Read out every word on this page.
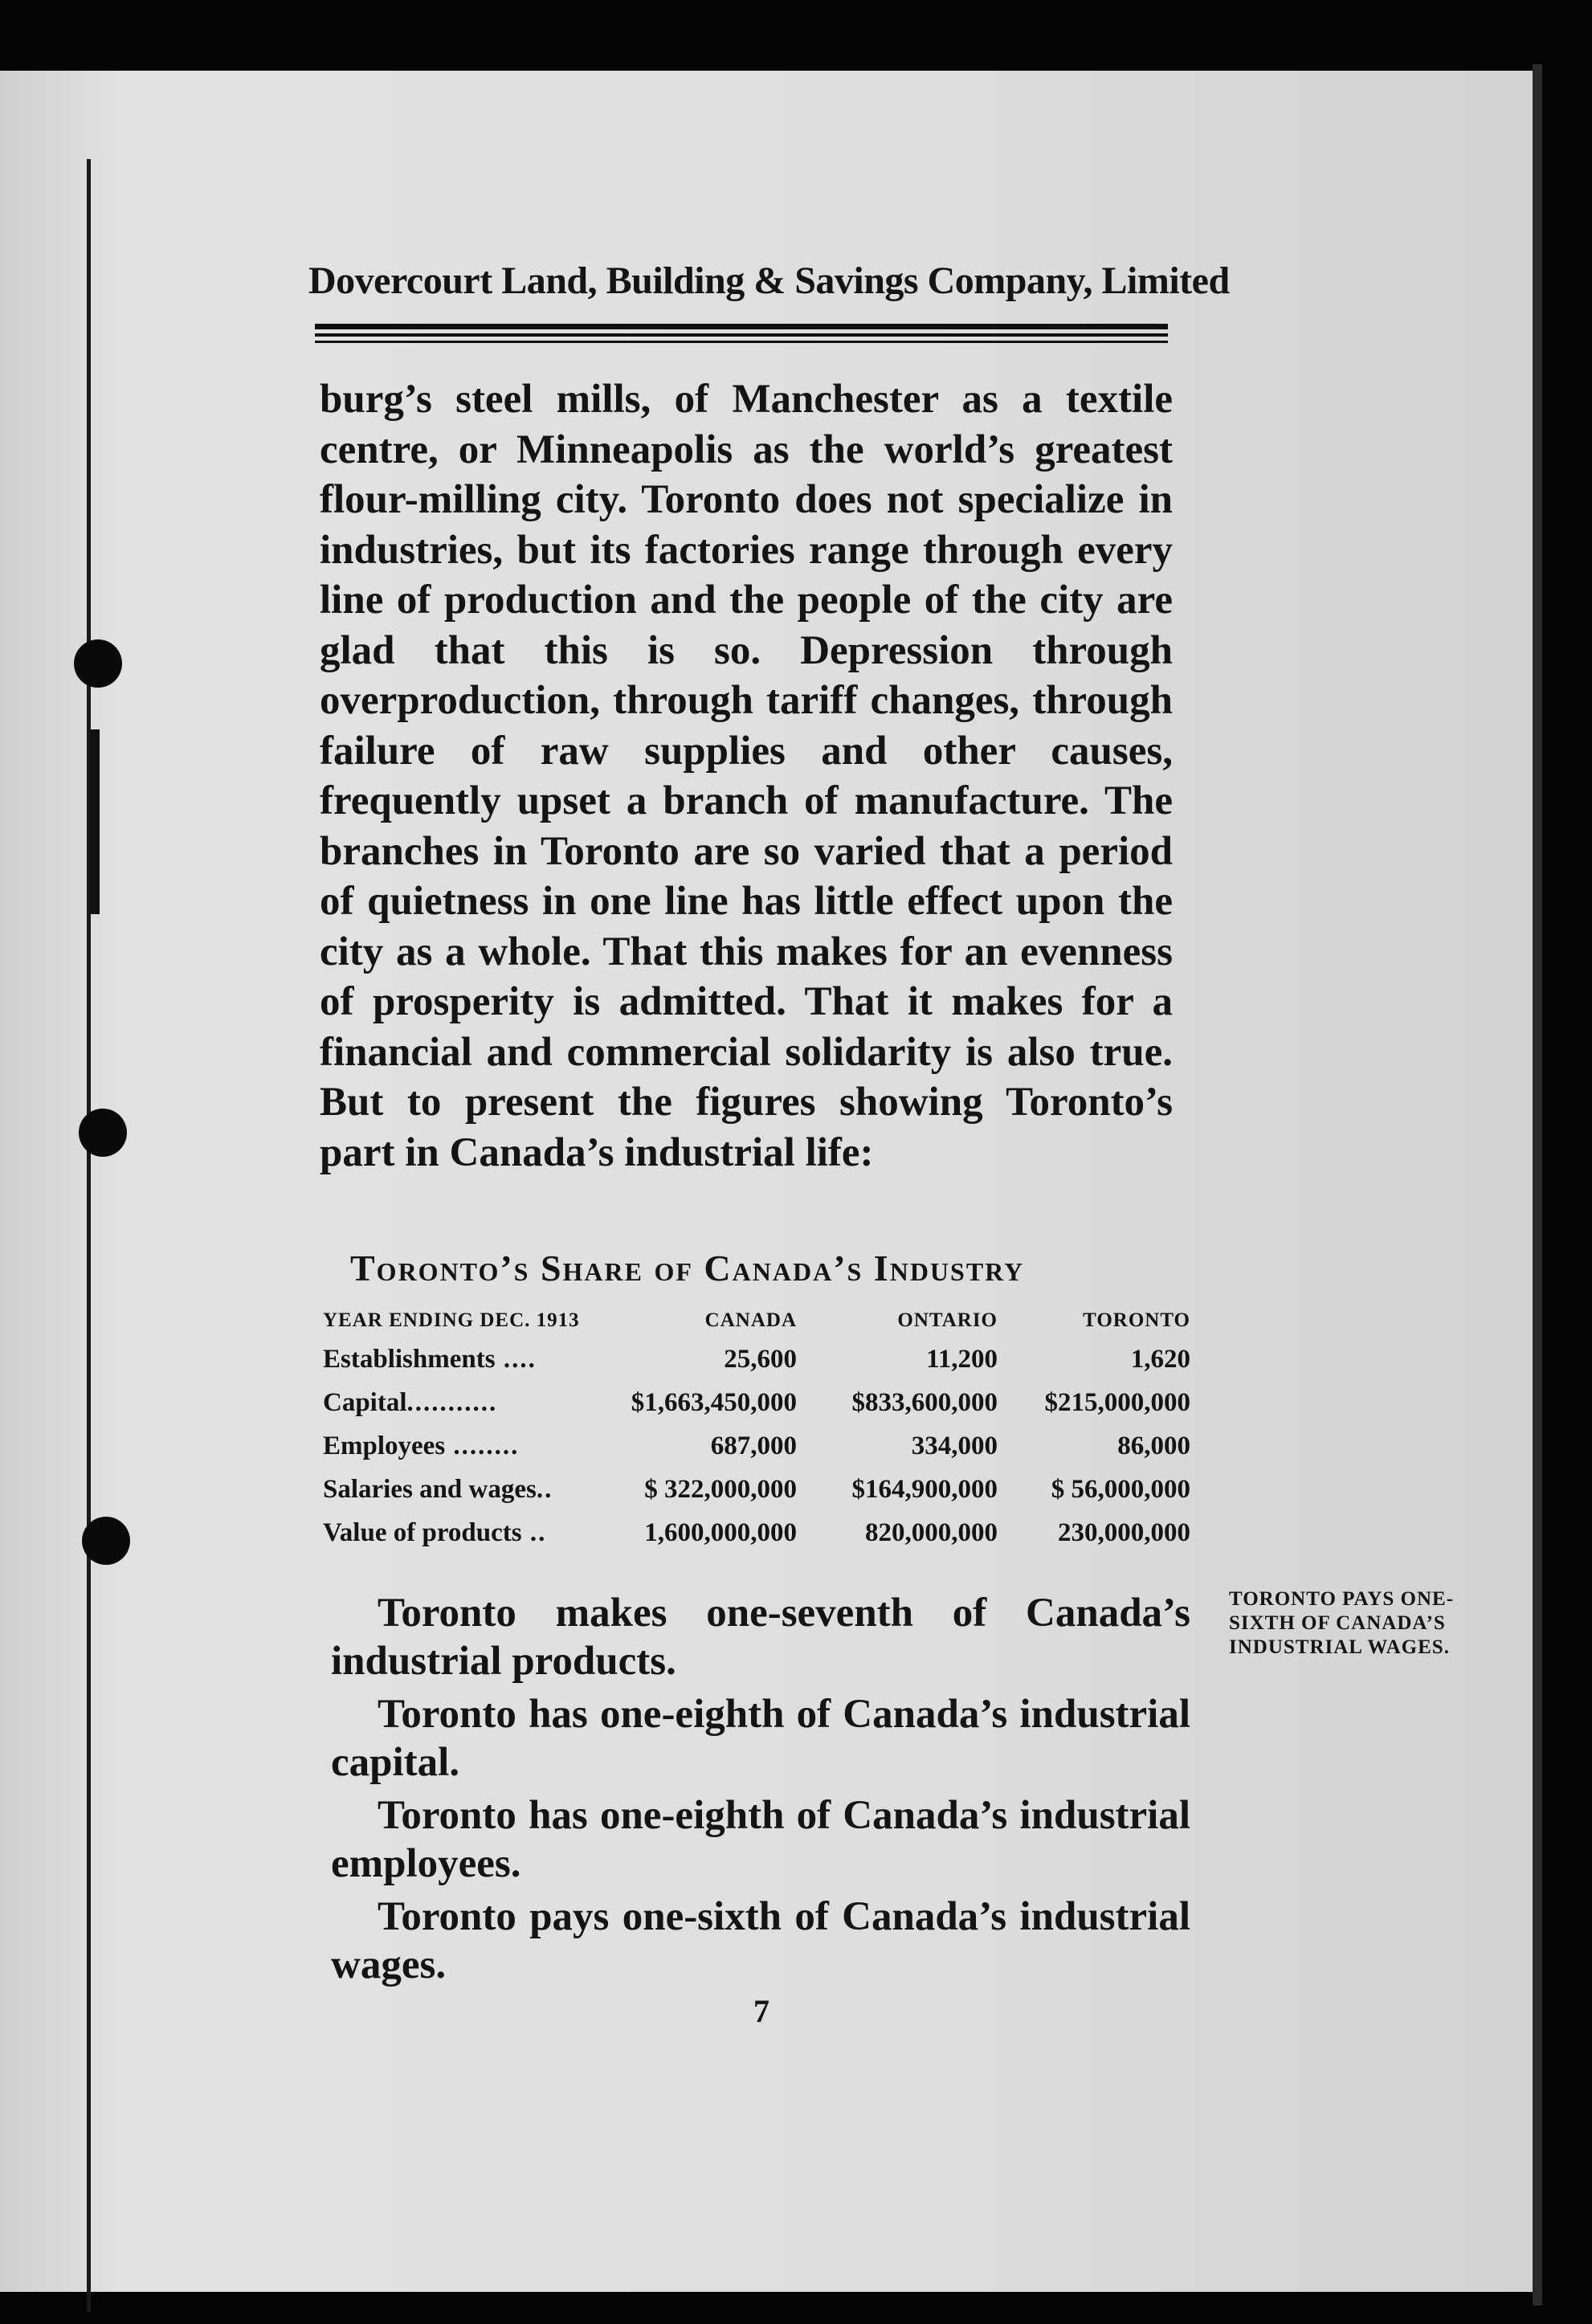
Dovercourt Land, Building & Savings Company, Limited
burg’s steel mills, of Manchester as a textile centre, or Minneapolis as the world’s greatest flour-milling city. Toronto does not specialize in industries, but its factories range through every line of production and the people of the city are glad that this is so. Depression through overproduction, through tariff changes, through failure of raw supplies and other causes, frequently upset a branch of manufacture. The branches in Toronto are so varied that a period of quietness in one line has little effect upon the city as a whole. That this makes for an evenness of prosperity is admitted. That it makes for a financial and commercial solidarity is also true. But to present the figures showing Toronto’s part in Canada’s industrial life:
Toronto’s Share of Canada’s Industry
YEAR ENDING DEC. 1913	CANADA	ONTARIO	TORONTO
Establishments ....	25,600	11,200	1,620
Capital...........	$1,663,450,000	$833,600,000	$215,000,000
Employees ........	687,000	334,000	86,000
Salaries and wages..	$ 322,000,000	$164,900,000	$ 56,000,000
Value of products ..	1,600,000,000	820,000,000	230,000,000
Toronto makes one-seventh of Canada’s industrial products.
Toronto has one-eighth of Canada’s industrial capital.
Toronto has one-eighth of Canada’s industrial employees.
Toronto pays one-sixth of Canada’s industrial wages.
TORONTO PAYS ONE-SIXTH OF CANADA’S INDUSTRIAL WAGES.
7
